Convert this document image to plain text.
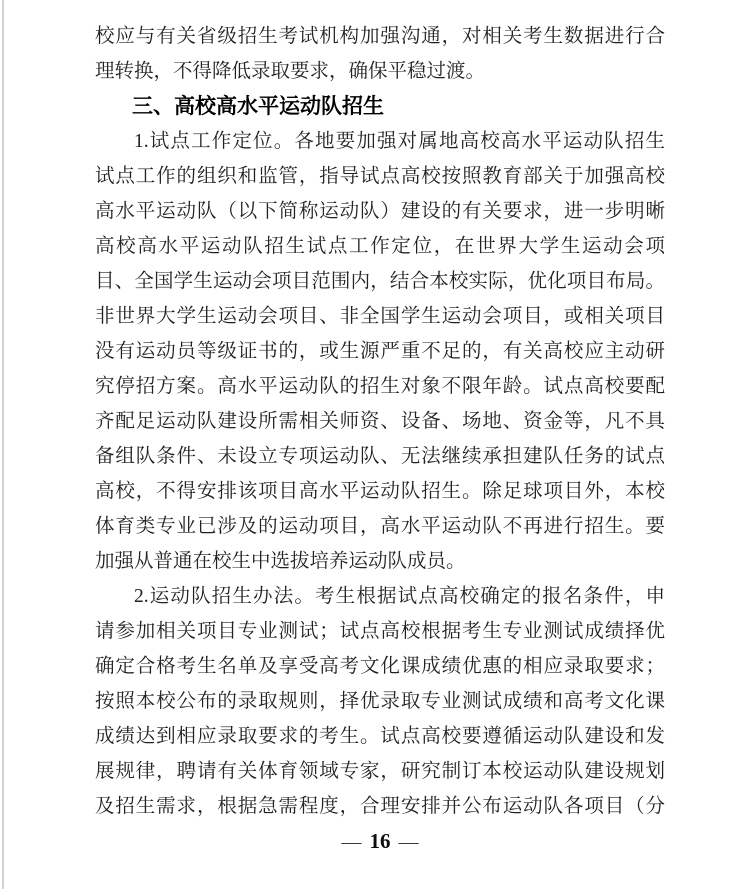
校应与有关省级招生考试机构加强沟通，对相关考生数据进行合
理转换，不得降低录取要求，确保平稳过渡。
三、高校高水平运动队招生
1.试点工作定位。各地要加强对属地高校高水平运动队招生
试点工作的组织和监管，指导试点高校按照教育部关于加强高校
高水平运动队（以下简称运动队）建设的有关要求，进一步明晰
高校高水平运动队招生试点工作定位，在世界大学生运动会项
目、全国学生运动会项目范围内，结合本校实际，优化项目布局。
非世界大学生运动会项目、非全国学生运动会项目，或相关项目
没有运动员等级证书的，或生源严重不足的，有关高校应主动研
究停招方案。高水平运动队的招生对象不限年龄。试点高校要配
齐配足运动队建设所需相关师资、设备、场地、资金等，凡不具
备组队条件、未设立专项运动队、无法继续承担建队任务的试点
高校，不得安排该项目高水平运动队招生。除足球项目外，本校
体育类专业已涉及的运动项目，高水平运动队不再进行招生。要
加强从普通在校生中选拔培养运动队成员。
2.运动队招生办法。考生根据试点高校确定的报名条件，申
请参加相关项目专业测试；试点高校根据考生专业测试成绩择优
确定合格考生名单及享受高考文化课成绩优惠的相应录取要求；
按照本校公布的录取规则，择优录取专业测试成绩和高考文化课
成绩达到相应录取要求的考生。试点高校要遵循运动队建设和发
展规律，聘请有关体育领域专家，研究制订本校运动队建设规划
及招生需求，根据急需程度，合理安排并公布运动队各项目（分
— 16 —
